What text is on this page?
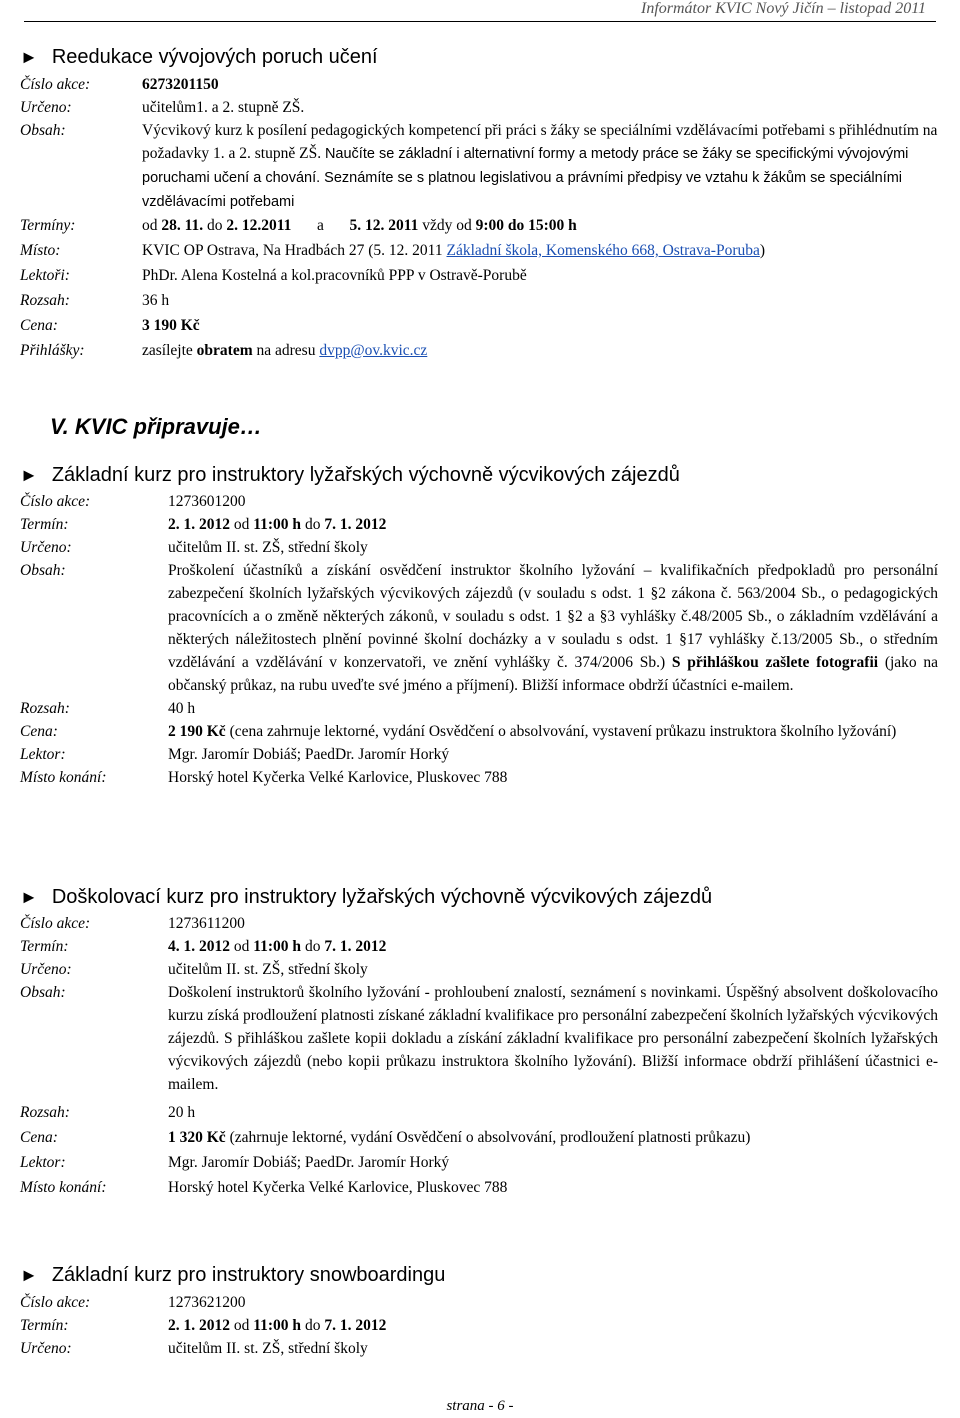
Informátor KVIC Nový Jičín – listopad 2011
► Reedukace vývojových poruch učení
Číslo akce:	6273201150
Určeno:	učitelům1. a 2. stupně ZŠ.
Obsah:	Výcvikový kurz k posílení pedagogických kompetencí při práci s žáky se speciálními vzdělávacími potřebami s přihlédnutím na požadavky 1. a 2. stupně ZŠ. Naučíte se základní i alternativní formy a metody práce se žáky se specifickými vývojovými poruchami učení a chování. Seznámíte se s platnou legislativou a právními předpisy ve vztahu k žákům se speciálními vzdělávacími potřebami
Termíny:	od 28. 11. do 2. 12.2011 a 5. 12. 2011 vždy od 9:00 do 15:00 h
Místo:	KVIC OP Ostrava, Na Hradbách 27 (5. 12. 2011 Základní škola, Komenského 668, Ostrava-Poruba)
Lektoři:	PhDr. Alena Kostelná a kol.pracovníků PPP v Ostravě-Porubě
Rozsah:	36 h
Cena:	3 190 Kč
Přihlášky:	zasílejte obratem na adresu dvpp@ov.kvic.cz
V. KVIC připravuje…
► Základní kurz pro instruktory lyžařských výchovně výcvikových zájezdů
Číslo akce:	1273601200
Termín:	2. 1. 2012 od 11:00 h do 7. 1. 2012
Určeno:	učitelům II. st. ZŠ, střední školy
Obsah:	Proškolení účastníků a získání osvědčení instruktor školního lyžování – kvalifikačních předpokladů pro personální zabezpečení školních lyžařských výcvikových zájezdů (v souladu s odst. 1 §2 zákona č. 563/2004 Sb., o pedagogických pracovnících a o změně některých zákonů, v souladu s odst. 1 §2 a §3 vyhlášky č.48/2005 Sb., o základním vzdělávání a některých náležitostech plnění povinné školní docházky a v souladu s odst. 1 §17 vyhlášky č.13/2005 Sb., o středním vzdělávání a vzdělávání v konzervatoři, ve znění vyhlášky č. 374/2006 Sb.) S přihláškou zašlete fotografii (jako na občanský průkaz, na rubu uveďte své jméno a příjmení). Bližší informace obdrží účastníci e-mailem.
Rozsah:	40 h
Cena:	2 190 Kč (cena zahrnuje lektorné, vydání Osvědčení o absolvování, vystavení průkazu instruktora školního lyžování)
Lektor:	Mgr. Jaromír Dobiáš; PaedDr. Jaromír Horký
Místo konání:	Horský hotel Kyčerka Velké Karlovice, Pluskovec 788
► Doškolovací kurz pro instruktory lyžařských výchovně výcvikových zájezdů
Číslo akce:	1273611200
Termín:	4. 1. 2012 od 11:00 h do 7. 1. 2012
Určeno:	učitelům II. st. ZŠ, střední školy
Obsah:	Doškolení instruktorů školního lyžování - prohloubení znalostí, seznámení s novinkami. Úspěšný absolvent doškolovacího kurzu získá prodloužení platnosti získané základní kvalifikace pro personální zabezpečení školních lyžařských výcvikových zájezdů. S přihláškou zašlete kopii dokladu a získání základní kvalifikace pro personální zabezpečení školních lyžařských výcvikových zájezdů (nebo kopii průkazu instruktora školního lyžování). Bližší informace obdrží přihlášení účastnici e-mailem.
Rozsah:	20 h
Cena:	1 320 Kč (zahrnuje lektorné, vydání Osvědčení o absolvování, prodloužení platnosti průkazu)
Lektor:	Mgr. Jaromír Dobiáš; PaedDr. Jaromír Horký
Místo konání:	Horský hotel Kyčerka Velké Karlovice, Pluskovec 788
► Základní kurz pro instruktory snowboardingu
Číslo akce:	1273621200
Termín:	2. 1. 2012 od 11:00 h do 7. 1. 2012
Určeno:	učitelům II. st. ZŠ, střední školy
strana - 6 -
